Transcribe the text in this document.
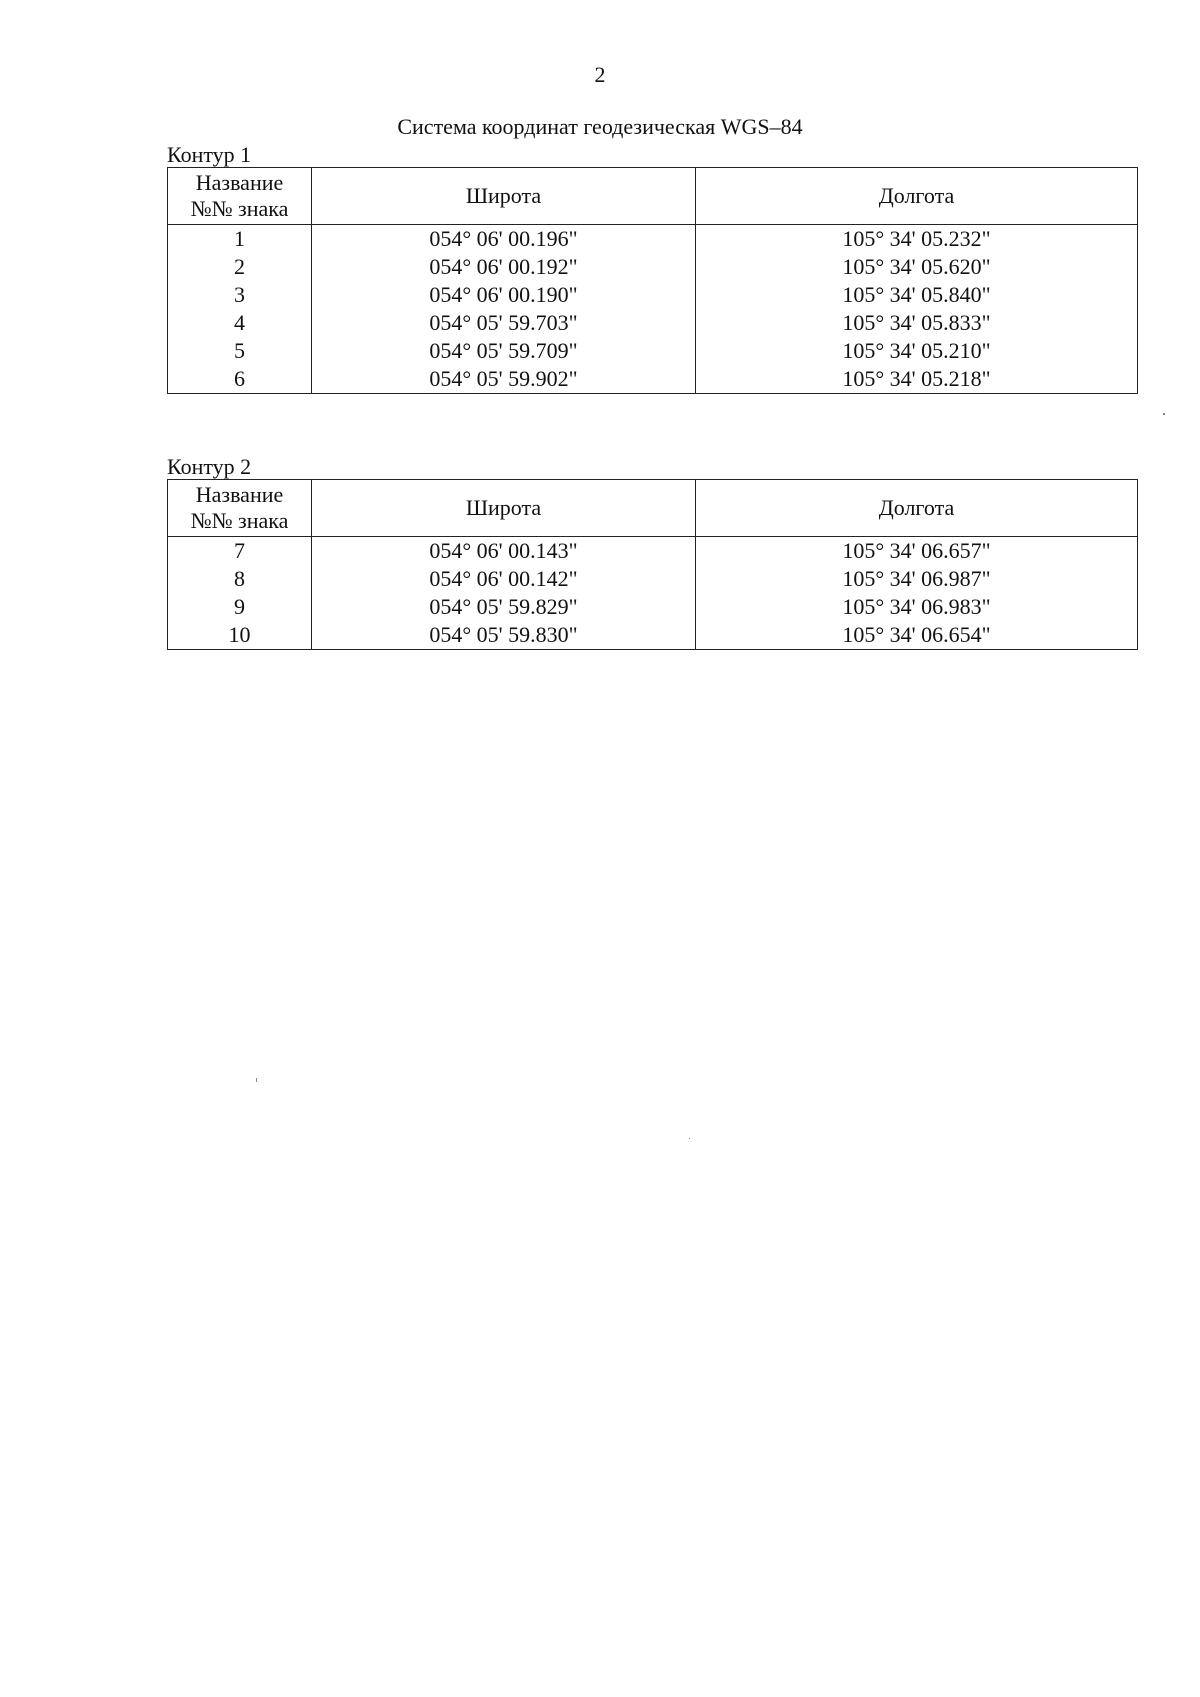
2
Система координат геодезическая WGS–84
Контур 1
Название
№№ знака	Широта	Долгота
1	054° 06' 00.196"	105° 34' 05.232"
2	054° 06' 00.192"	105° 34' 05.620"
3	054° 06' 00.190"	105° 34' 05.840"
4	054° 05' 59.703"	105° 34' 05.833"
5	054° 05' 59.709"	105° 34' 05.210"
6	054° 05' 59.902"	105° 34' 05.218"
Контур 2
Название
№№ знака	Широта	Долгота
7	054° 06' 00.143"	105° 34' 06.657"
8	054° 06' 00.142"	105° 34' 06.987"
9	054° 05' 59.829"	105° 34' 06.983"
10	054° 05' 59.830"	105° 34' 06.654"
